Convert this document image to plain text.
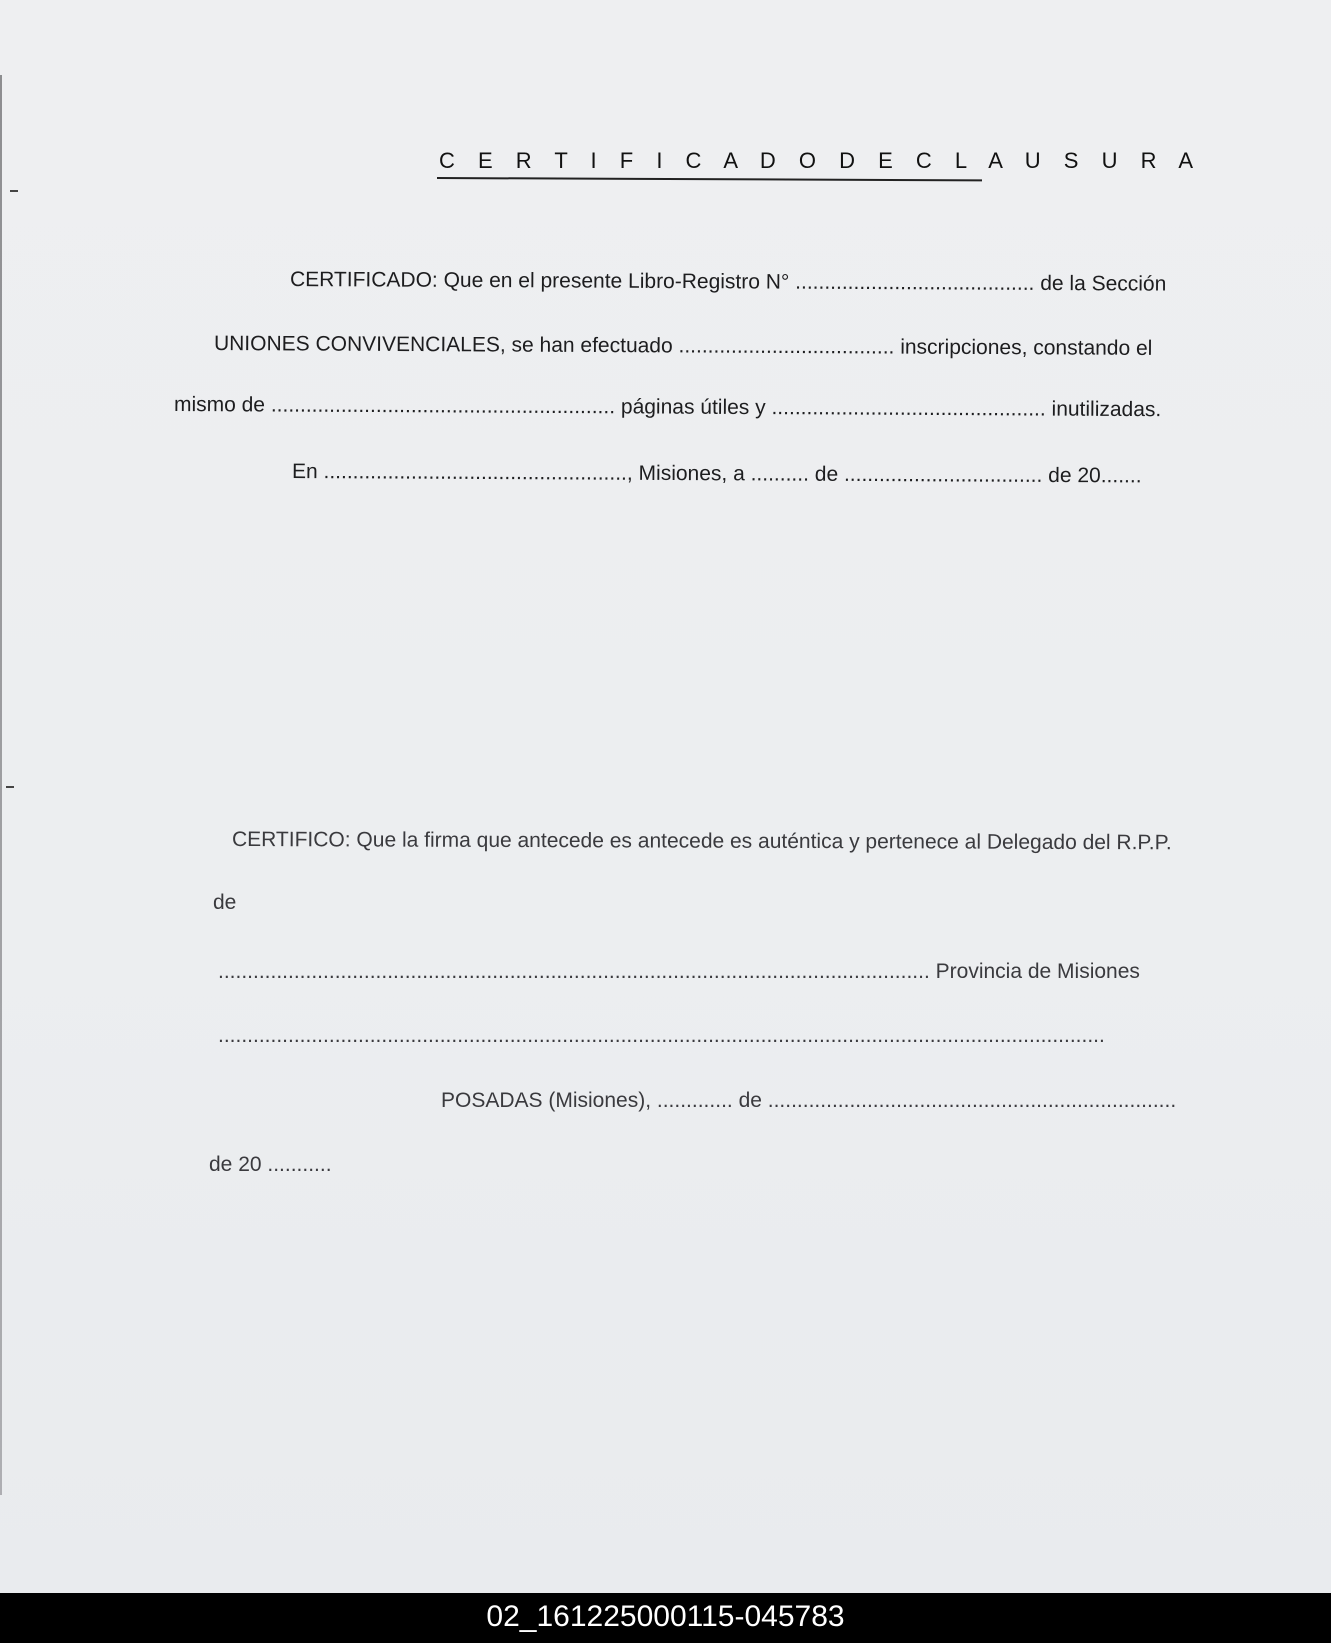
C E R T I F I C A D O D E C L A U S U R A
CERTIFICADO: Que en el presente Libro-Registro N° ......................................... de la Sección
UNIONES CONVIVENCIALES, se han efectuado ..................................... inscripciones, constando el
mismo de ........................................................... páginas útiles y ............................................... inutilizadas.
En ...................................................., Misiones, a .......... de .................................. de 20.......
CERTIFICO: Que la firma que antecede es antecede es auténtica y pertenece al Delegado del R.P.P.
de
.......................................................................................................................... Provincia de Misiones
........................................................................................................................................................
POSADAS (Misiones), ............. de ......................................................................
de 20 ...........
02_161225000115-045783
